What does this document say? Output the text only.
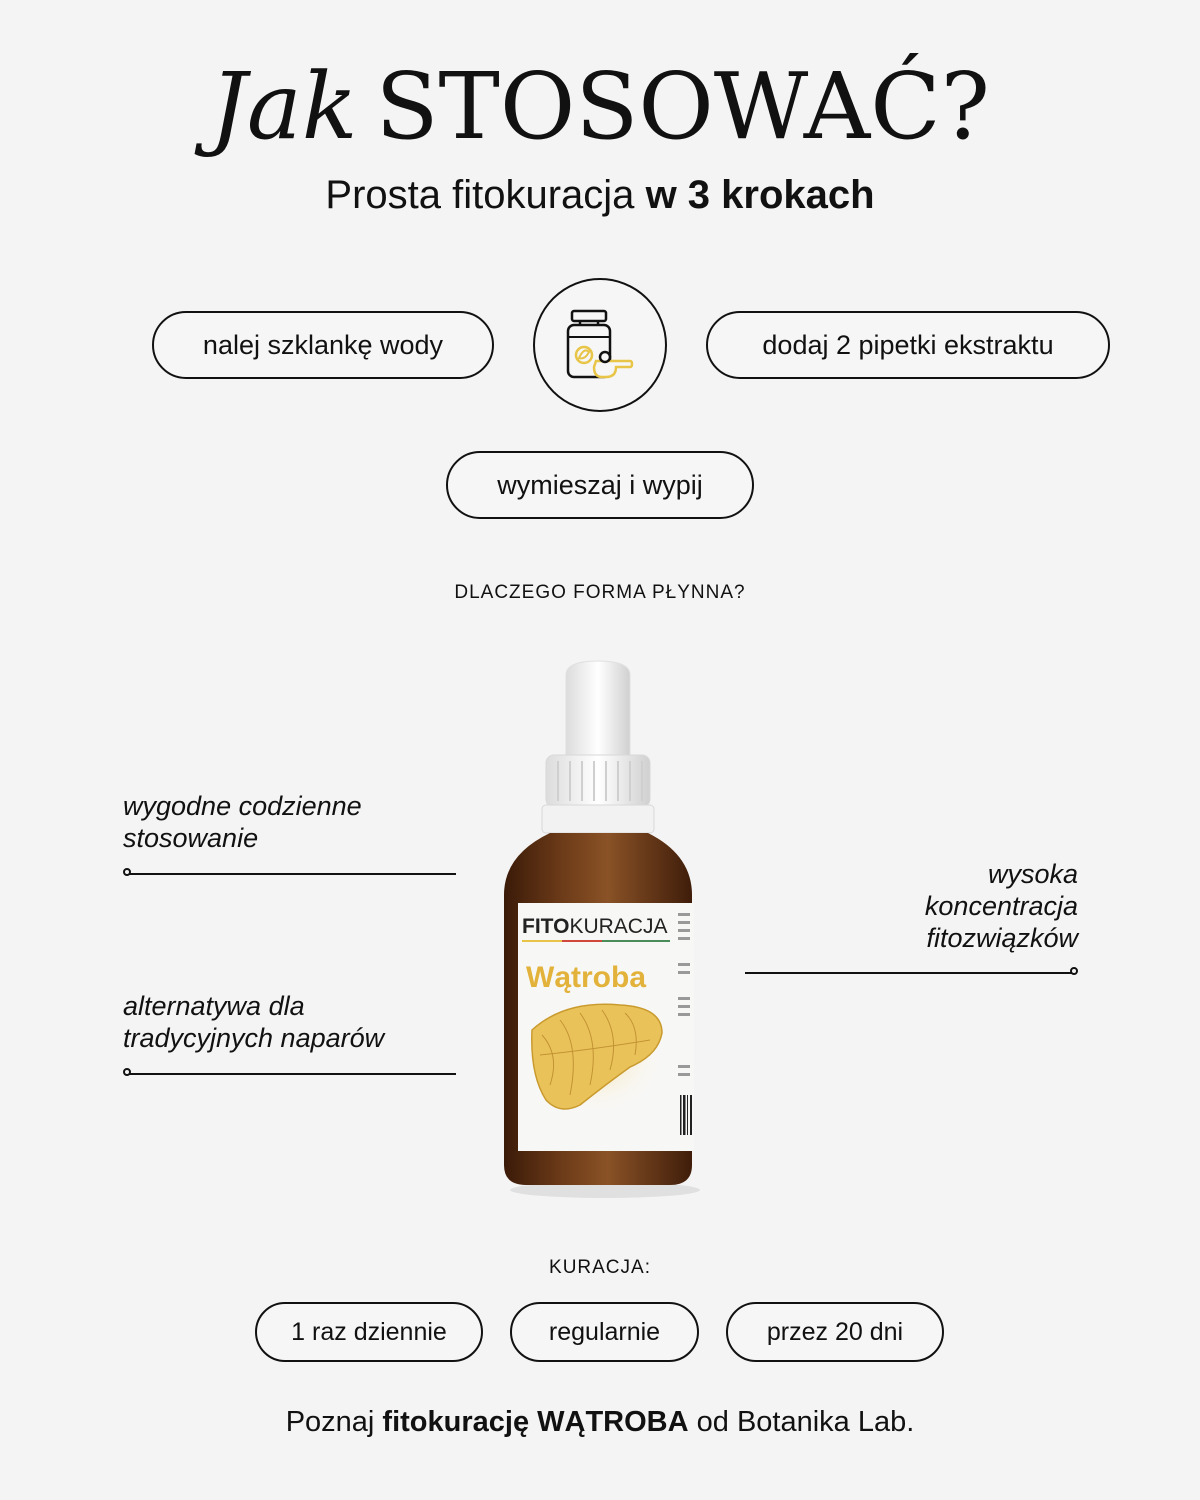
Jak STOSOWAĆ?
Prosta fitokuracja w 3 krokach
nalej szklankę wody	dodaj 2 pipetki ekstraktu
wymieszaj i wypij
DLACZEGO FORMA PŁYNNA?
wygodne codzienne
stosowanie
alternatywa dla
tradycyjnych naparów
wysoka
koncentracja
fitozwiązków
FITOKURACJA
Wątroba
KURACJA:
1 raz dziennie	regularnie	przez 20 dni
Poznaj fitokurację WĄTROBA od Botanika Lab.
